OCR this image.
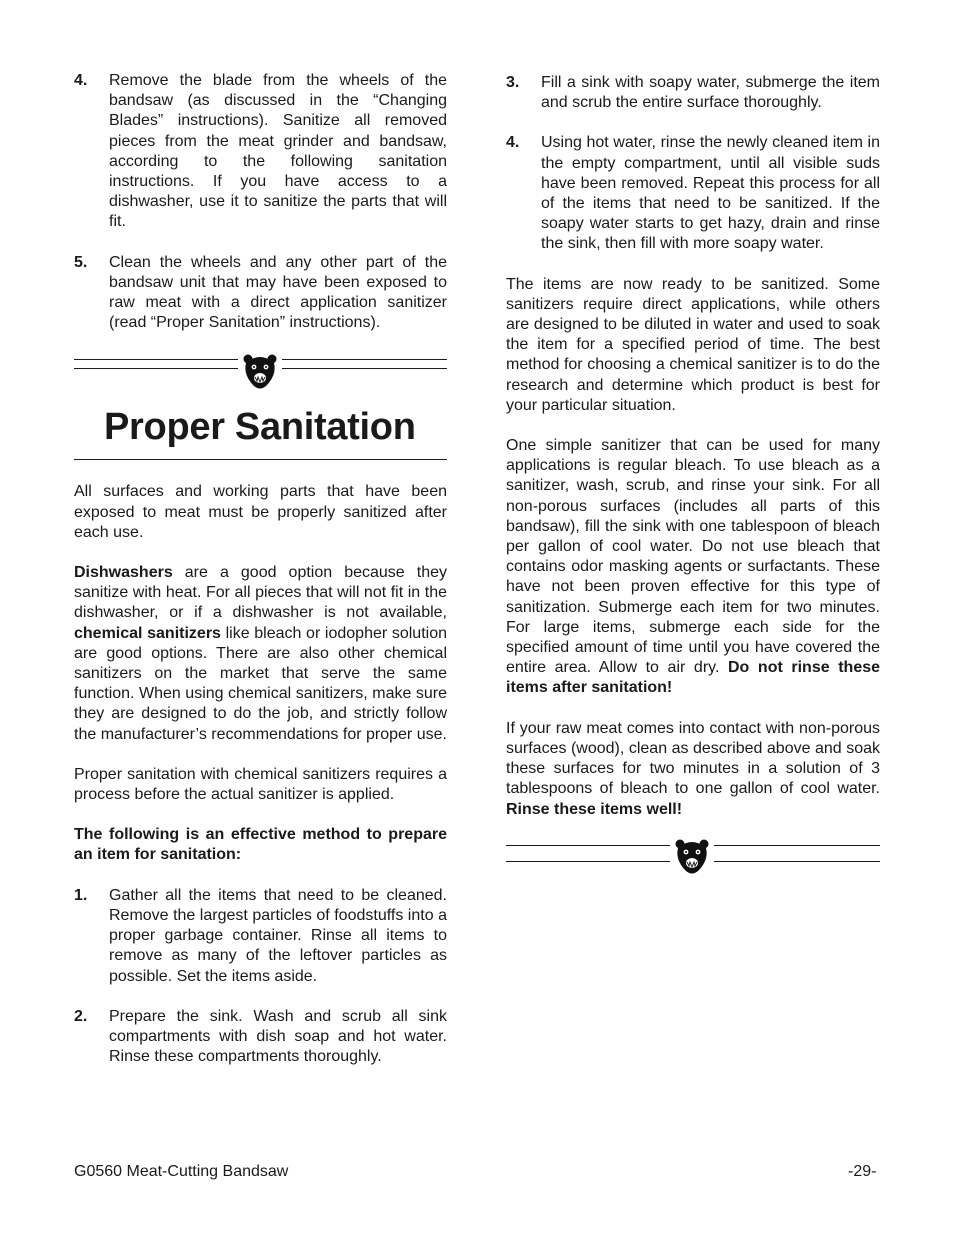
4.	Remove the blade from the wheels of the bandsaw (as discussed in the “Changing Blades” instructions). Sanitize all removed pieces from the meat grinder and bandsaw, according to the following sanitation instructions. If you have access to a dishwasher, use it to sanitize the parts that will fit.
5.	Clean the wheels and any other part of the bandsaw unit that may have been exposed to raw meat with a direct application sanitizer (read “Proper Sanitation” instructions).
Proper Sanitation

All surfaces and working parts that have been exposed to meat must be properly sanitized after each use.

Dishwashers are a good option because they sanitize with heat. For all pieces that will not fit in the dishwasher, or if a dishwasher is not available, chemical sanitizers like bleach or iodopher solution are good options. There are also other chemical sanitizers on the market that serve the same function. When using chemical sanitizers, make sure they are designed to do the job, and strictly follow the manufacturer’s recommendations for proper use.

Proper sanitation with chemical sanitizers requires a process before the actual sanitizer is applied.

The following is an effective method to prepare an item for sanitation:

1.	Gather all the items that need to be cleaned. Remove the largest particles of foodstuffs into a proper garbage container. Rinse all items to remove as many of the leftover particles as possible. Set the items aside.
2.	Prepare the sink. Wash and scrub all sink compartments with dish soap and hot water. Rinse these compartments thoroughly.
3.	Fill a sink with soapy water, submerge the item and scrub the entire surface thoroughly.
4.	Using hot water, rinse the newly cleaned item in the empty compartment, until all visible suds have been removed. Repeat this process for all of the items that need to be sanitized. If the soapy water starts to get hazy, drain and rinse the sink, then fill with more soapy water.

The items are now ready to be sanitized. Some sanitizers require direct applications, while others are designed to be diluted in water and used to soak the item for a specified period of time. The best method for choosing a chemical sanitizer is to do the research and determine which product is best for your particular situation.

One simple sanitizer that can be used for many applications is regular bleach. To use bleach as a sanitizer, wash, scrub, and rinse your sink. For all non-porous surfaces (includes all parts of this bandsaw), fill the sink with one tablespoon of bleach per gallon of cool water. Do not use bleach that contains odor masking agents or surfactants. These have not been proven effective for this type of sanitization. Submerge each item for two minutes. For large items, submerge each side for the specified amount of time until you have covered the entire area. Allow to air dry. Do not rinse these items after sanitation!

If your raw meat comes into contact with non-porous surfaces (wood), clean as described above and soak these surfaces for two minutes in a solution of 3 tablespoons of bleach to one gallon of cool water. Rinse these items well!

G0560 Meat-Cutting Bandsaw	-29-
